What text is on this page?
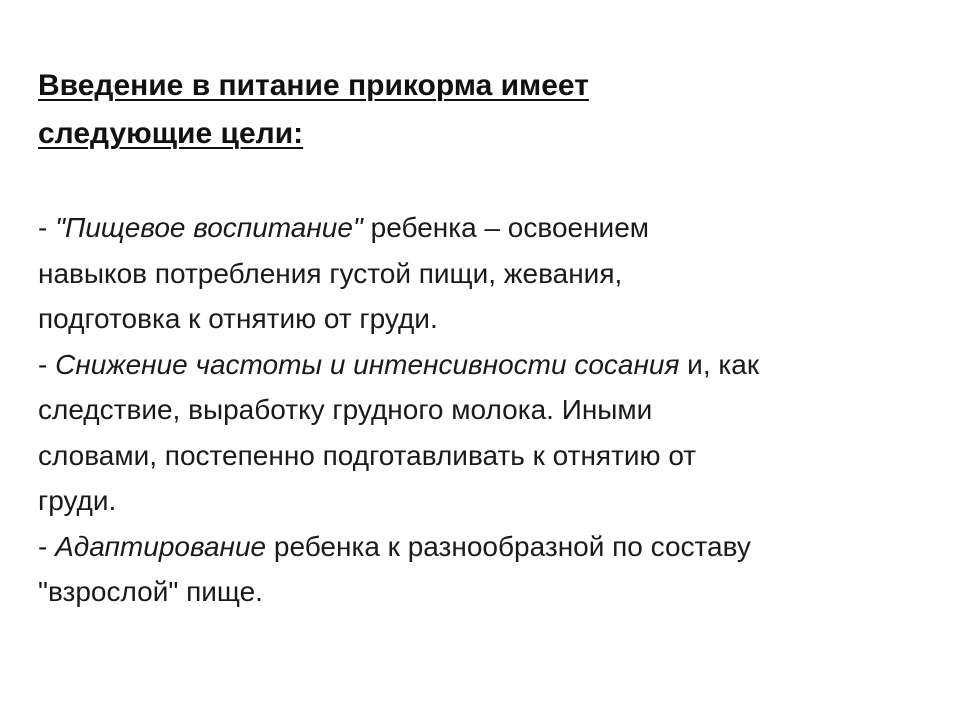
Введение в питание прикорма имеет
следующие цели:
- "Пищевое воспитание" ребенка – освоением
навыков потребления густой пищи, жевания,
подготовка к отнятию от груди.
- Снижение частоты и интенсивности сосания и, как
следствие, выработку грудного молока. Иными
словами, постепенно подготавливать к отнятию от
груди.
- Адаптирование ребенка к разнообразной по составу
"взрослой" пище.
